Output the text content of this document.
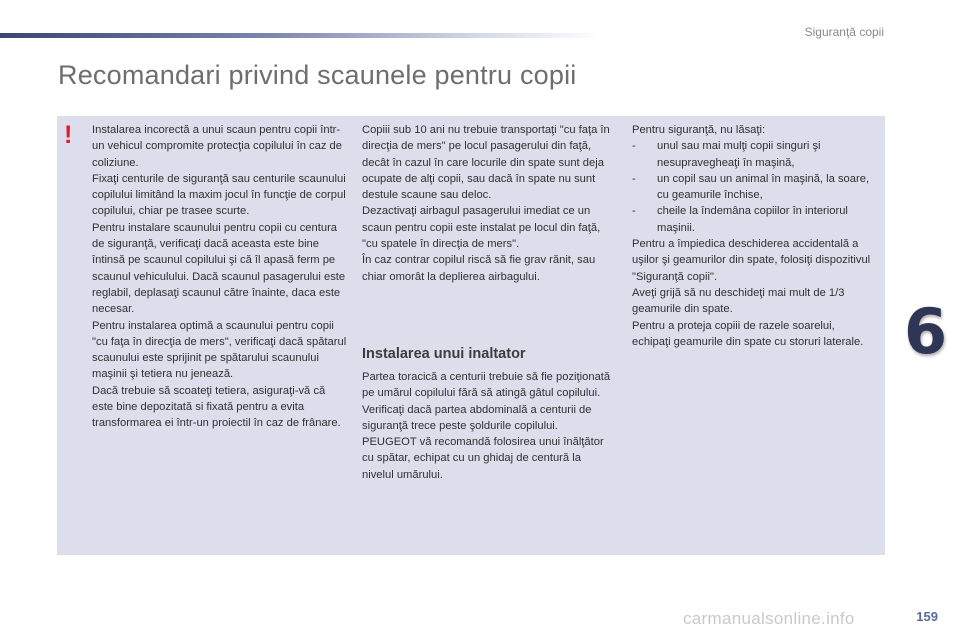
Siguranţă copii
Recomandari privind scaunele pentru copii
! Instalarea incorectă a unui scaun pentru copii într-un vehicul compromite protecţia copilului în caz de coliziune.

Fixaţi centurile de siguranţă sau centurile scaunului copilului limitând la maxim jocul în funcţie de corpul copilului, chiar pe trasee scurte.

Pentru instalare scaunului pentru copii cu centura de siguranţă, verificaţi dacă aceasta este bine întinsă pe scaunul copilului şi că îl apasă ferm pe scaunul vehiculului. Dacă scaunul pasagerului este reglabil, deplasaţi scaunul către înainte, daca este necesar.

Pentru instalarea optimă a scaunului pentru copii "cu faţa în direcţia de mers", verificaţi dacă spătarul scaunului este sprijinit pe spătarului scaunului maşinii şi tetiera nu jenează.

Dacă trebuie să scoateţi tetiera, asiguraţi-vă că este bine depozitată si fixată pentru a evita transformarea ei într-un proiectil în caz de frânare.

Copiii sub 10 ani nu trebuie transportaţi "cu faţa în direcţia de mers" pe locul pasagerului din faţă, decât în cazul în care locurile din spate sunt deja ocupate de alţi copii, sau dacă în spate nu sunt destule scaune sau deloc.

Dezactivaţi airbagul pasagerului imediat ce un scaun pentru copii este instalat pe locul din faţă, "cu spatele în direcţia de mers".

În caz contrar copilul riscă să fie grav rănit, sau chiar omorât la deplierea airbagului.

Instalarea unui inaltator

Partea toracică a centurii trebuie să fie poziţionată pe umărul copilului fără să atingă gâtul copilului.

Verificaţi dacă partea abdominală a centurii de siguranţă trece peste şoldurile copilului.

PEUGEOT vă recomandă folosirea unui înălţător cu spătar, echipat cu un ghidaj de centură la nivelul umărului.

Pentru siguranţă, nu lăsaţi:

- unul sau mai mulţi copii singuri şi nesupravegheaţi în maşină,
- un copil sau un animal în maşină, la soare, cu geamurile închise,
- cheile la îndemâna copiilor în interiorul maşinii.

Pentru a împiedica deschiderea accidentală a uşilor şi geamurilor din spate, folosiţi dispozitivul "Siguranţă copii".

Aveţi grijă să nu deschideţi mai mult de 1/3 geamurile din spate.

Pentru a proteja copiii de razele soarelui, echipaţi geamurile din spate cu storuri laterale. 6
carmanualsonline.info	159
